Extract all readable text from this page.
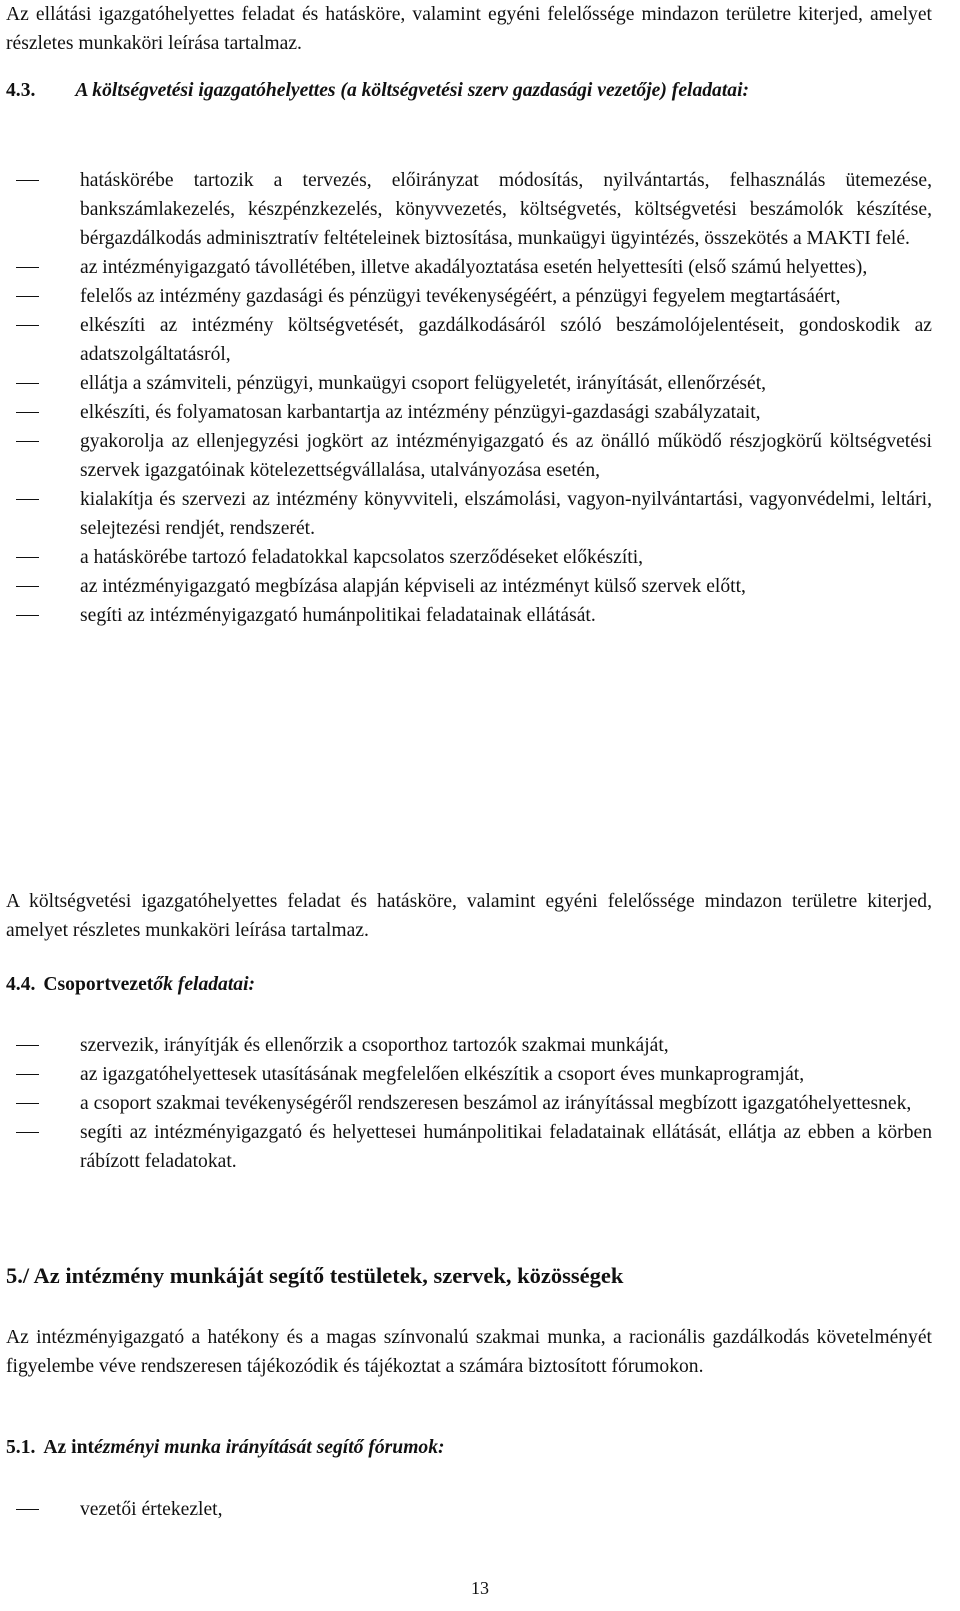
Az ellátási igazgatóhelyettes feladat és hatásköre, valamint egyéni felelőssége mindazon területre kiterjed, amelyet részletes munkaköri leírása tartalmaz.

4.3. A költségvetési igazgatóhelyettes (a költségvetési szerv gazdasági vezetője) feladatai:

hatáskörébe tartozik a tervezés, előirányzat módosítás, nyilvántartás, felhasználás ütemezése, bankszámlakezelés, készpénzkezelés, könyvvezetés, költségvetés, költségvetési beszámolók készítése, bérgazdálkodás adminisztratív feltételeinek biztosítása, munkaügyi ügyintézés, összekötés a MAKTI felé.
az intézményigazgató távollétében, illetve akadályoztatása esetén helyettesíti (első számú helyettes),
felelős az intézmény gazdasági és pénzügyi tevékenységéért, a pénzügyi fegyelem megtartásáért,
elkészíti az intézmény költségvetését, gazdálkodásáról szóló beszámolójelentéseit, gondoskodik az adatszolgáltatásról,
ellátja a számviteli, pénzügyi, munkaügyi csoport felügyeletét, irányítását, ellenőrzését,
elkészíti, és folyamatosan karbantartja az intézmény pénzügyi-gazdasági szabályzatait,
gyakorolja az ellenjegyzési jogkört az intézményigazgató és az önálló működő részjogkörű költségvetési szervek igazgatóinak kötelezettségvállalása, utalványozása esetén,
kialakítja és szervezi az intézmény könyvviteli, elszámolási, vagyon-nyilvántartási, vagyonvédelmi, leltári, selejtezési rendjét, rendszerét.
a hatáskörébe tartozó feladatokkal kapcsolatos szerződéseket előkészíti,
az intézményigazgató megbízása alapján képviseli az intézményt külső szervek előtt,
segíti az intézményigazgató humánpolitikai feladatainak ellátását.

A költségvetési igazgatóhelyettes feladat és hatásköre, valamint egyéni felelőssége mindazon területre kiterjed, amelyet részletes munkaköri leírása tartalmaz.

4.4. Csoportvezetők feladatai:

szervezik, irányítják és ellenőrzik a csoporthoz tartozók szakmai munkáját,
az igazgatóhelyettesek utasításának megfelelően elkészítik a csoport éves munkaprogramját,
a csoport szakmai tevékenységéről rendszeresen beszámol az irányítással megbízott igazgatóhelyettesnek,
segíti az intézményigazgató és helyettesei humánpolitikai feladatainak ellátását, ellátja az ebben a körben rábízott feladatokat.

5./ Az intézmény munkáját segítő testületek, szervek, közösségek

Az intézményigazgató a hatékony és a magas színvonalú szakmai munka, a racionális gazdálkodás követelményét figyelembe véve rendszeresen tájékozódik és tájékoztat a számára biztosított fórumokon.

5.1. Az intézményi munka irányítását segítő fórumok:

vezetői értekezlet,
13
